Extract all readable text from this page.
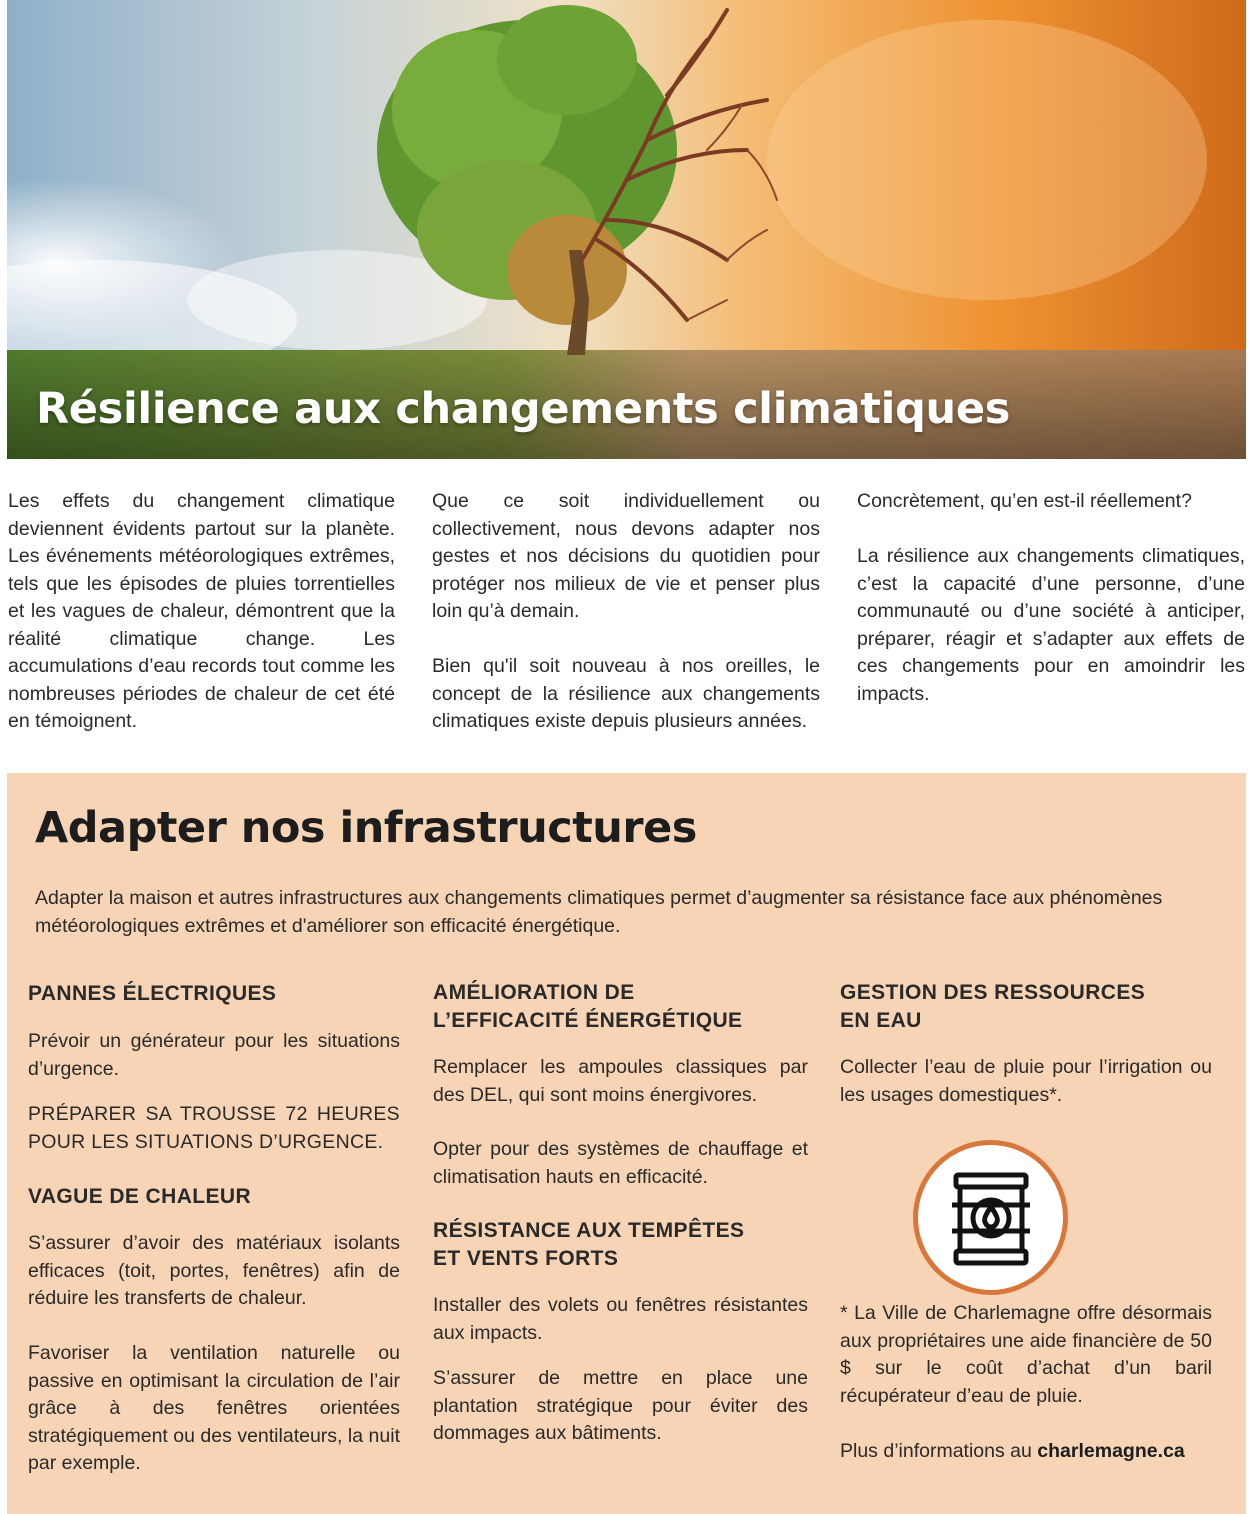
Résilience aux changements climatiques

Les effets du changement climatique deviennent évidents partout sur la planète. Les événements météorologiques extrêmes, tels que les épisodes de pluies torrentielles et les vagues de chaleur, démontrent que la réalité climatique change. Les accumulations d’eau records tout comme les nombreuses périodes de chaleur de cet été en témoignent.

Que ce soit individuellement ou collectivement, nous devons adapter nos gestes et nos décisions du quotidien pour protéger nos milieux de vie et penser plus loin qu’à demain.

Bien qu'il soit nouveau à nos oreilles, le concept de la résilience aux changements climatiques existe depuis plusieurs années.

Concrètement, qu’en est-il réellement?

La résilience aux changements climatiques, c’est la capacité d’une personne, d’une communauté ou d’une société à anticiper, préparer, réagir et s’adapter aux effets de ces changements pour en amoindrir les impacts.

Adapter nos infrastructures

Adapter la maison et autres infrastructures aux changements climatiques permet d’augmenter sa résistance face aux phénomènes météorologiques extrêmes et d'améliorer son efficacité énergétique.

PANNES ÉLECTRIQUES

Prévoir un générateur pour les situations d’urgence.

PRÉPARER SA TROUSSE 72 HEURES POUR LES SITUATIONS D’URGENCE.

VAGUE DE CHALEUR

S’assurer d’avoir des matériaux isolants efficaces (toit, portes, fenêtres) afin de réduire les transferts de chaleur.

Favoriser la ventilation naturelle ou passive en optimisant la circulation de l’air grâce à des fenêtres orientées stratégiquement ou des ventilateurs, la nuit par exemple.

AMÉLIORATION DE
L’EFFICACITÉ ÉNERGÉTIQUE

Remplacer les ampoules classiques par des DEL, qui sont moins énergivores.

Opter pour des systèmes de chauffage et climatisation hauts en efficacité.

RÉSISTANCE AUX TEMPÊTES
ET VENTS FORTS

Installer des volets ou fenêtres résistantes aux impacts.

S’assurer de mettre en place une plantation stratégique pour éviter des dommages aux bâtiments.

GESTION DES RESSOURCES
EN EAU

Collecter l’eau de pluie pour l’irrigation ou les usages domestiques*.

* La Ville de Charlemagne offre désormais aux propriétaires une aide financière de 50 $ sur le coût d’achat d’un baril récupérateur d’eau de pluie.

Plus d’informations au charlemagne.ca
